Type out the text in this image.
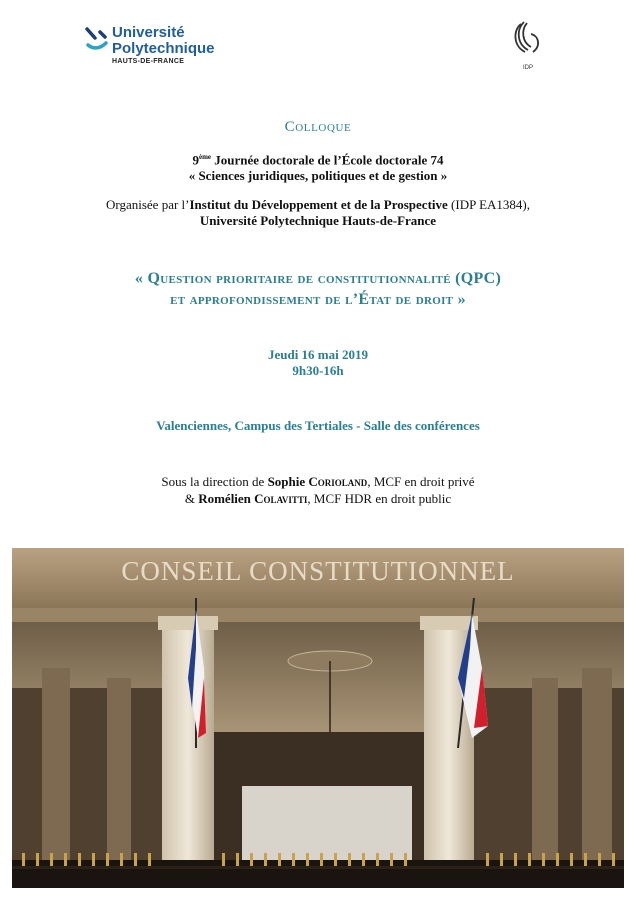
Université
Polytechnique
HAUTS-DE-FRANCE
IDP
Colloque
9ème Journée doctorale de l’École doctorale 74
« Sciences juridiques, politiques et de gestion »
Organisée par l’Institut du Développement et de la Prospective (IDP EA1384),
Université Polytechnique Hauts-de-France
« Question prioritaire de constitutionnalité (QPC)
et approfondissement de l’État de droit »
Jeudi 16 mai 2019
9h30-16h
Valenciennes, Campus des Tertiales - Salle des conférences
Sous la direction de Sophie Corioland, MCF en droit privé
& Romélien Colavitti, MCF HDR en droit public
CONSEIL CONSTITUTIONNEL
